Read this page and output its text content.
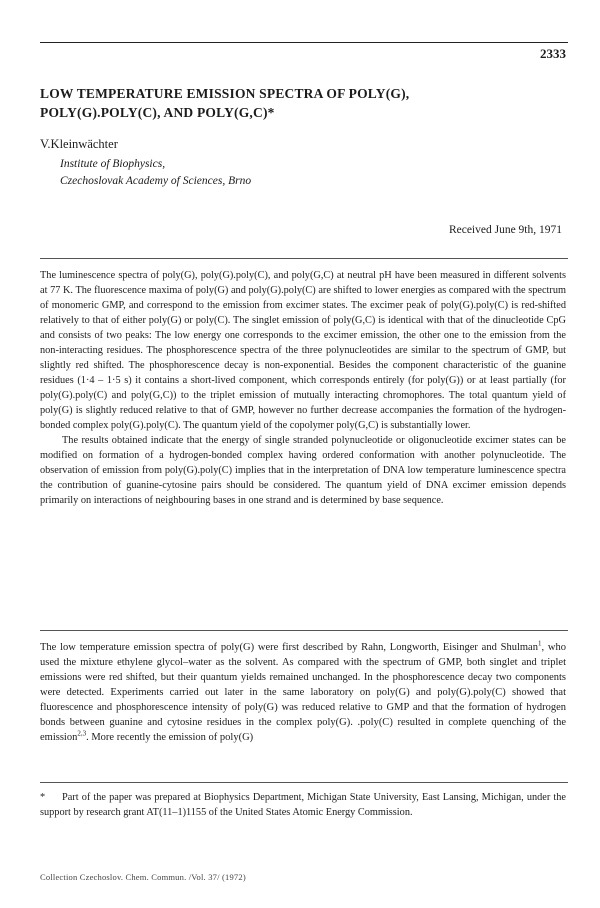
2333
LOW TEMPERATURE EMISSION SPECTRA OF POLY(G),
POLY(G).POLY(C), AND POLY(G,C)*
V.Kleinwächter
Institute of Biophysics,
Czechoslovak Academy of Sciences, Brno
Received June 9th, 1971

The luminescence spectra of poly(G), poly(G).poly(C), and poly(G,C) at neutral pH have been measured in different solvents at 77 K. The fluorescence maxima of poly(G) and poly(G).poly(C) are shifted to lower energies as compared with the spectrum of monomeric GMP, and correspond to the emission from excimer states. The excimer peak of poly(G).poly(C) is red-shifted relatively to that of either poly(G) or poly(C). The singlet emission of poly(G,C) is identical with that of the dinucleotide CpG and consists of two peaks: The low energy one corresponds to the excimer emission, the other one to the emission from the non-interacting residues. The phosphorescence spectra of the three polynucleotides are similar to the spectrum of GMP, but slightly red shifted. The phosphorescence decay is non-exponential. Besides the component characteristic of the guanine residues (1·4 – 1·5 s) it contains a short-lived component, which corresponds entirely (for poly(G)) or at least partially (for poly(G).poly(C) and poly(G,C)) to the triplet emission of mutually interacting chromophores. The total quantum yield of poly(G) is slightly reduced relative to that of GMP, however no further decrease accompanies the formation of the hydrogen-bonded complex poly(G).poly(C). The quantum yield of the copolymer poly(G,C) is substantially lower.

The results obtained indicate that the energy of single stranded polynucleotide or oligonucleotide excimer states can be modified on formation of a hydrogen-bonded complex having ordered conformation with another polynucleotide. The observation of emission from poly(G).poly(C) implies that in the interpretation of DNA low temperature luminescence spectra the contribution of guanine-cytosine pairs should be considered. The quantum yield of DNA excimer emission depends primarily on interactions of neighbouring bases in one strand and is determined by base sequence.

The low temperature emission spectra of poly(G) were first described by Rahn, Longworth, Eisinger and Shulman$^1$, who used the mixture ethylene glycol–water as the solvent. As compared with the spectrum of GMP, both singlet and triplet emissions were red shifted, but their quantum yields remained unchanged. In the phosphorescence decay two components were detected. Experiments carried out later in the same laboratory on poly(G) and poly(G).poly(C) showed that fluorescence and phosphorescence intensity of poly(G) was reduced relative to GMP and that the formation of hydrogen bonds between guanine and cytosine residues in the complex poly(G). .poly(C) resulted in complete quenching of the emission$^{2,3}$. More recently the emission of poly(G)

* Part of the paper was prepared at Biophysics Department, Michigan State University, East Lansing, Michigan, under the support by research grant AT(11–1)1155 of the United States Atomic Energy Commission.
Collection Czechoslov. Chem. Commun. /Vol. 37/ (1972)
